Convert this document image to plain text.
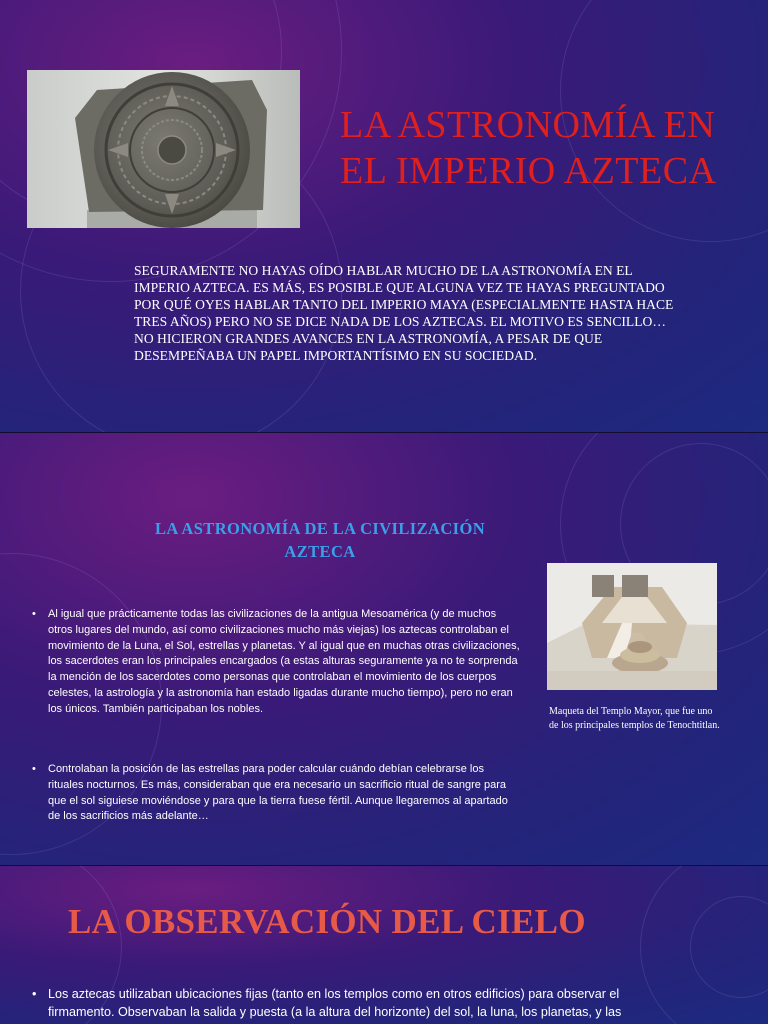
LA ASTRONOMÍA EN EL IMPERIO AZTECA
SEGURAMENTE NO HAYAS OÍDO HABLAR MUCHO DE LA ASTRONOMÍA EN EL IMPERIO AZTECA. ES MÁS, ES POSIBLE QUE ALGUNA VEZ TE HAYAS PREGUNTADO POR QUÉ OYES HABLAR TANTO DEL IMPERIO MAYA (ESPECIALMENTE HASTA HACE TRES AÑOS) PERO NO SE DICE NADA DE LOS AZTECAS. EL MOTIVO ES SENCILLO… NO HICIERON GRANDES AVANCES EN LA ASTRONOMÍA, A PESAR DE QUE DESEMPEÑABA UN PAPEL IMPORTANTÍSIMO EN SU SOCIEDAD.
LA ASTRONOMÍA DE LA CIVILIZACIÓN AZTECA
Maqueta del Templo Mayor, que fue uno de los principales templos de Tenochtitlan.
•	Al igual que prácticamente todas las civilizaciones de la antigua Mesoamérica (y de muchos otros lugares del mundo, así como civilizaciones mucho más viejas) los aztecas controlaban el movimiento de la Luna, el Sol, estrellas y planetas. Y al igual que en muchas otras civilizaciones, los sacerdotes eran los principales encargados (a estas alturas seguramente ya no te sorprenda la mención de los sacerdotes como personas que controlaban el movimiento de los cuerpos celestes, la astrología y la astronomía han estado ligadas durante mucho tiempo), pero no eran los únicos. También participaban los nobles.
•	Controlaban la posición de las estrellas para poder calcular cuándo debían celebrarse los rituales nocturnos. Es más, consideraban que era necesario un sacrificio ritual de sangre para que el sol siguiese moviéndose y para que la tierra fuese fértil. Aunque llegaremos al apartado de los sacrificios más adelante…
LA OBSERVACIÓN DEL CIELO
• Los aztecas utilizaban ubicaciones fijas (tanto en los templos como en otros edificios) para observar el firmamento. Observaban la salida y puesta (a la altura del horizonte) del sol, la luna, los planetas, y las
